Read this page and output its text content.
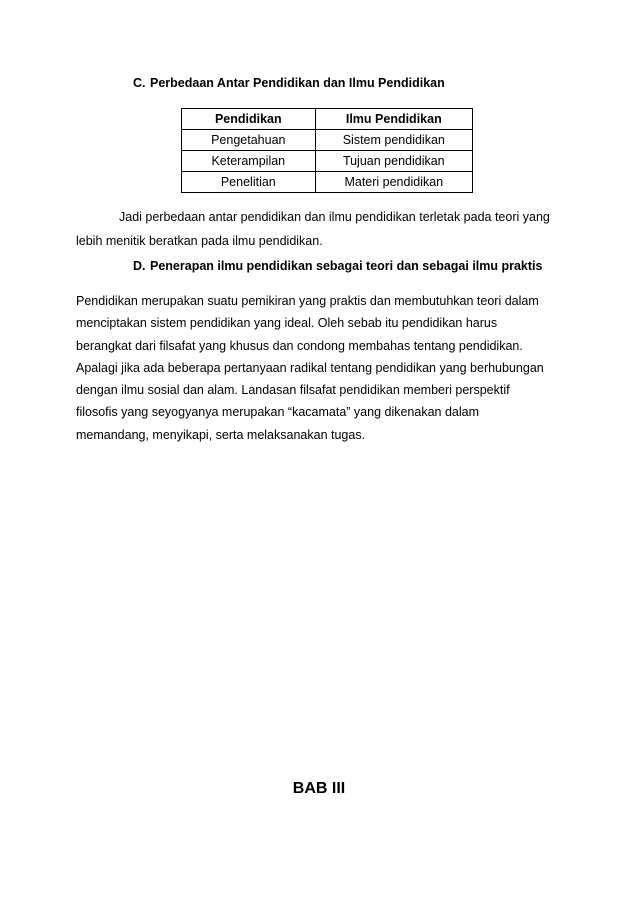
C. Perbedaan Antar Pendidikan dan Ilmu Pendidikan
Pendidikan	Ilmu Pendidikan
Pengetahuan	Sistem pendidikan
Keterampilan	Tujuan pendidikan
Penelitian	Materi pendidikan

Jadi perbedaan antar pendidikan dan ilmu pendidikan terletak pada teori yang
lebih menitik beratkan pada ilmu pendidikan.

D. Penerapan ilmu pendidikan sebagai teori dan sebagai ilmu praktis

Pendidikan merupakan suatu pemikiran yang praktis dan membutuhkan teori dalam
menciptakan sistem pendidikan yang ideal. Oleh sebab itu pendidikan harus
berangkat dari filsafat yang khusus dan condong membahas tentang pendidikan.
Apalagi jika ada beberapa pertanyaan radikal tentang pendidikan yang berhubungan
dengan ilmu sosial dan alam. Landasan filsafat pendidikan memberi perspektif
filosofis yang seyogyanya merupakan “kacamata” yang dikenakan dalam
memandang, menyikapi, serta melaksanakan tugas.

BAB III
